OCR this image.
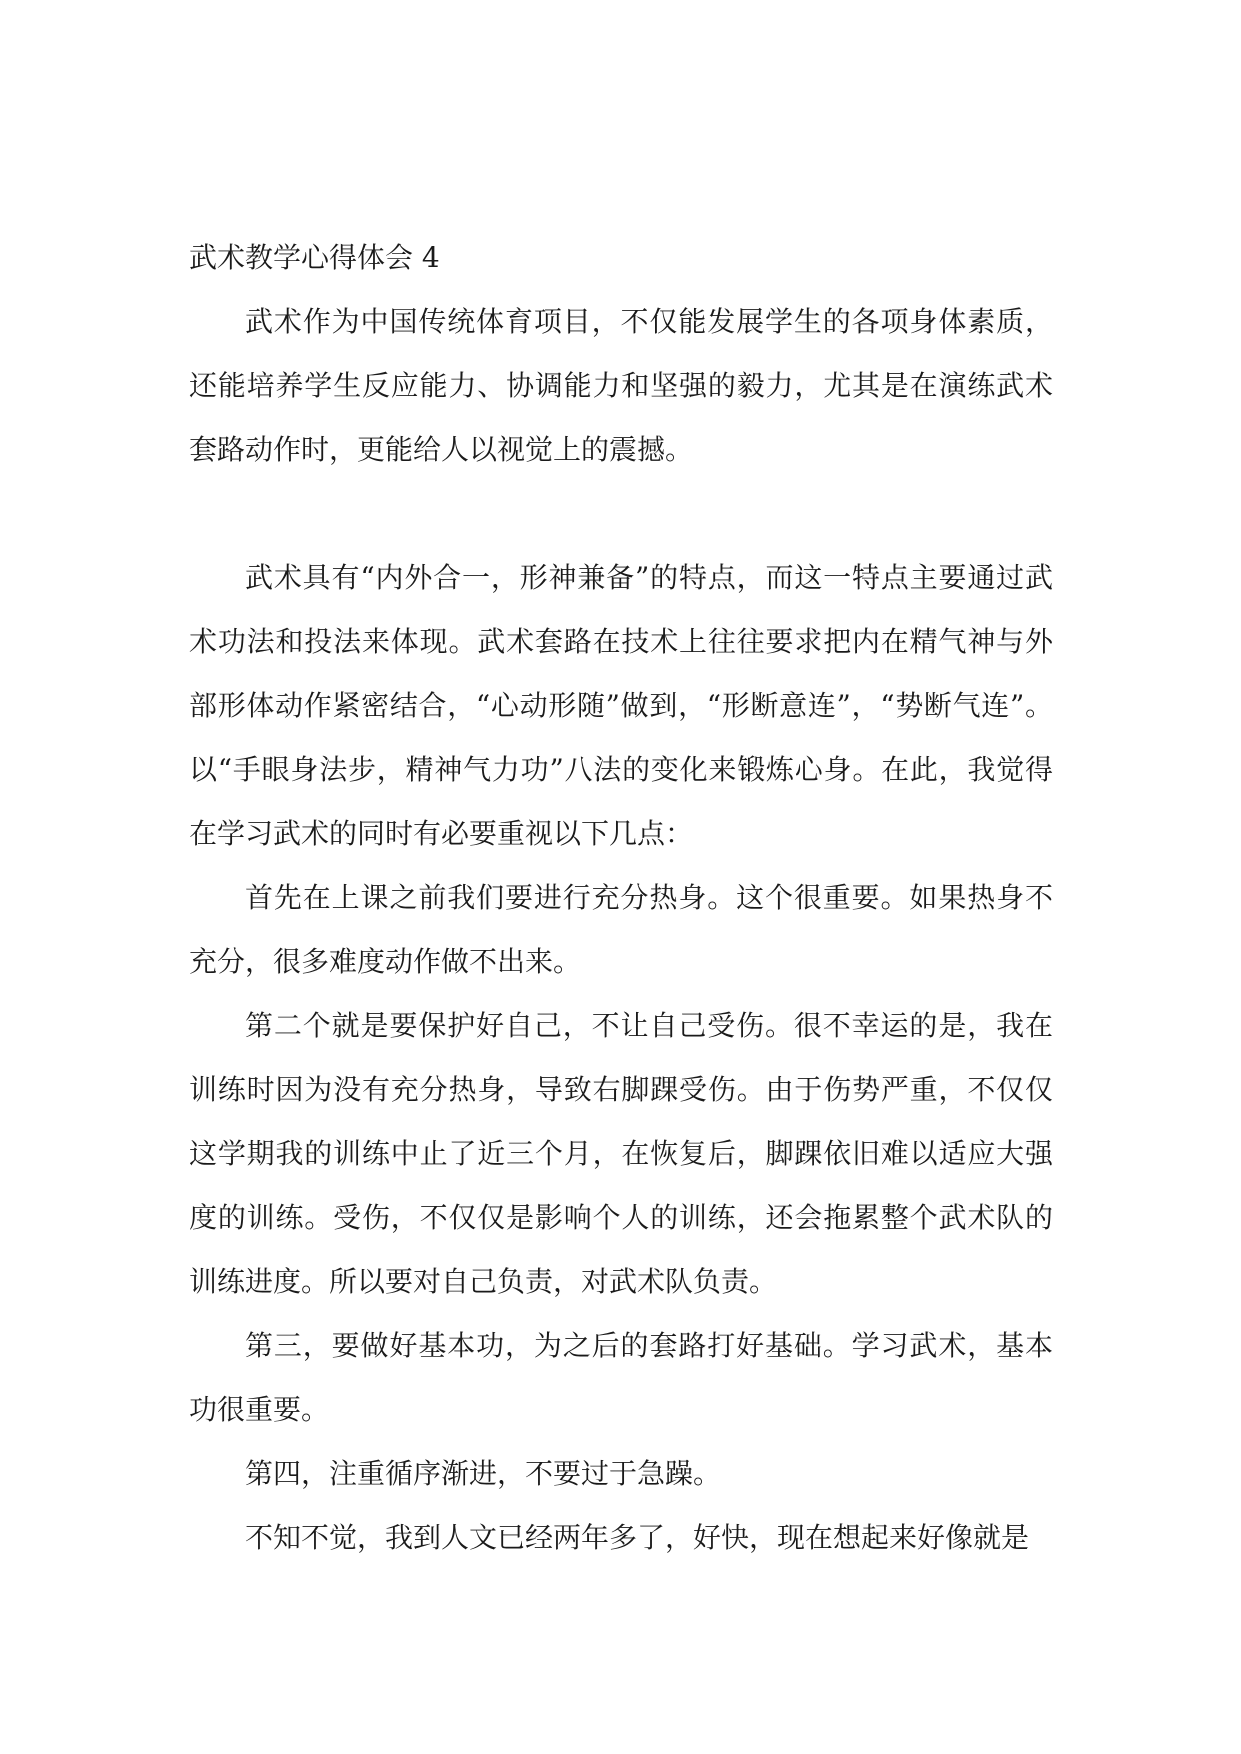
武术教学心得体会 4

武术作为中国传统体育项目，不仅能发展学生的各项身体素质，还能培养学生反应能力、协调能力和坚强的毅力，尤其是在演练武术套路动作时，更能给人以视觉上的震撼。

武术具有“内外合一，形神兼备”的特点，而这一特点主要通过武术功法和投法来体现。武术套路在技术上往往要求把内在精气神与外部形体动作紧密结合，“心动形随”做到，“形断意连”，“势断气连”。以“手眼身法步，精神气力功”八法的变化来锻炼心身。在此，我觉得在学习武术的同时有必要重视以下几点：

首先在上课之前我们要进行充分热身。这个很重要。如果热身不充分，很多难度动作做不出来。

第二个就是要保护好自己，不让自己受伤。很不幸运的是，我在训练时因为没有充分热身，导致右脚踝受伤。由于伤势严重，不仅仅这学期我的训练中止了近三个月，在恢复后，脚踝依旧难以适应大强度的训练。受伤，不仅仅是影响个人的训练，还会拖累整个武术队的训练进度。所以要对自己负责，对武术队负责。

第三，要做好基本功，为之后的套路打好基础。学习武术，基本功很重要。

第四，注重循序渐进，不要过于急躁。

不知不觉，我到人文已经两年多了，好快，现在想起来好像就是
